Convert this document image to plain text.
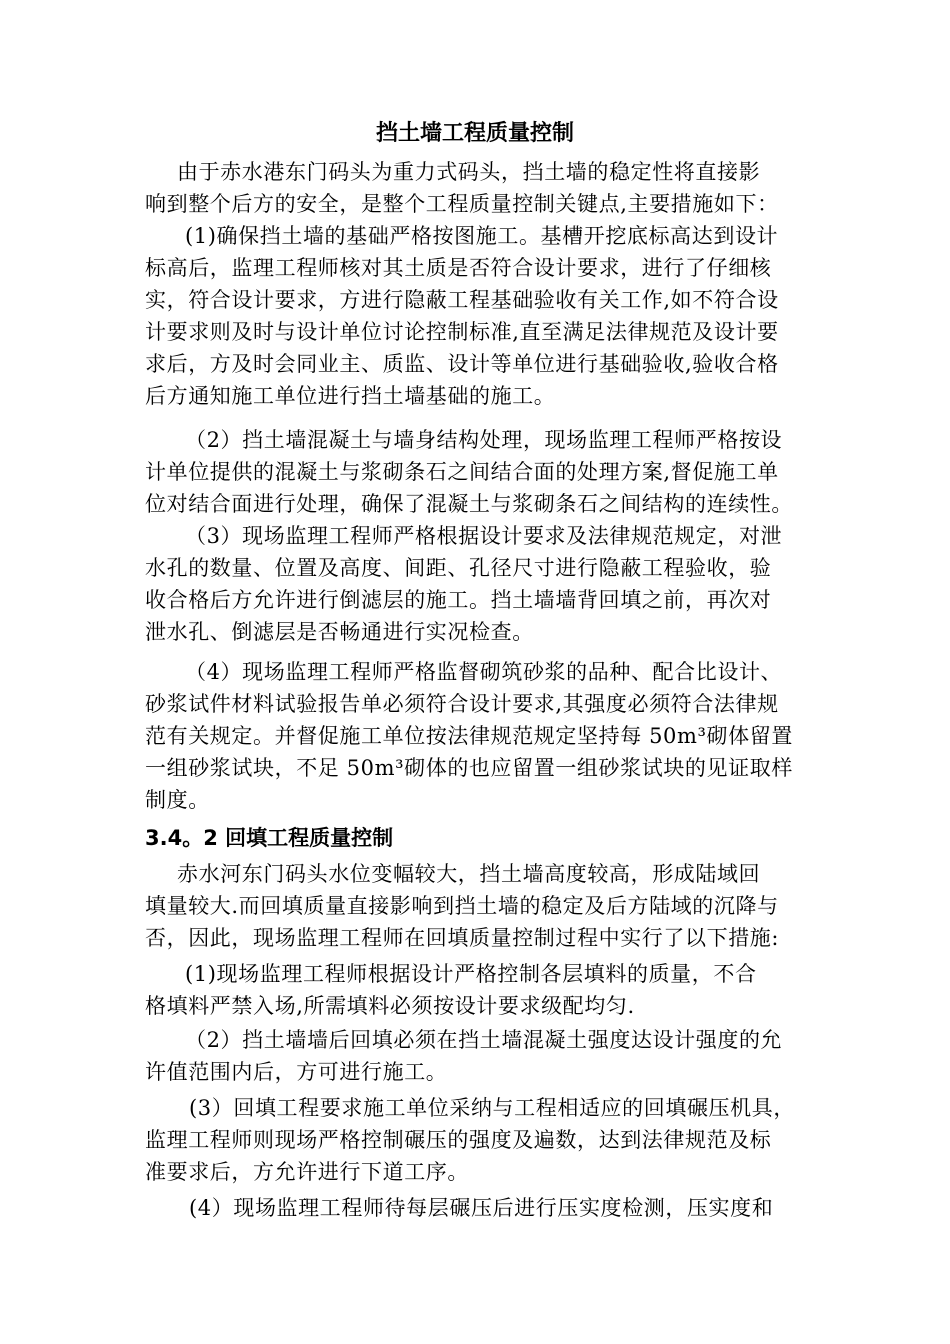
挡土墙工程质量控制
3.4。2 回填工程质量控制
由于赤水港东门码头为重力式码头，挡土墙的稳定性将直接影
响到整个后方的安全，是整个工程质量控制关键点,主要措施如下：
(1)确保挡土墙的基础严格按图施工。基槽开挖底标高达到设计
标高后，监理工程师核对其土质是否符合设计要求，进行了仔细核
实，符合设计要求，方进行隐蔽工程基础验收有关工作,如不符合设
计要求则及时与设计单位讨论控制标准,直至满足法律规范及设计要
求后，方及时会同业主、质监、设计等单位进行基础验收,验收合格
后方通知施工单位进行挡土墙基础的施工。
（2）挡土墙混凝土与墙身结构处理，现场监理工程师严格按设
计单位提供的混凝土与浆砌条石之间结合面的处理方案,督促施工单
位对结合面进行处理，确保了混凝土与浆砌条石之间结构的连续性。
（3）现场监理工程师严格根据设计要求及法律规范规定，对泄
水孔的数量、位置及高度、间距、孔径尺寸进行隐蔽工程验收，验
收合格后方允许进行倒滤层的施工。挡土墙墙背回填之前，再次对
泄水孔、倒滤层是否畅通进行实况检查。
（4）现场监理工程师严格监督砌筑砂浆的品种、配合比设计、
砂浆试件材料试验报告单必须符合设计要求,其强度必须符合法律规
范有关规定。并督促施工单位按法律规范规定坚持每 50m³砌体留置
一组砂浆试块，不足 50m³砌体的也应留置一组砂浆试块的见证取样
制度。
赤水河东门码头水位变幅较大，挡土墙高度较高，形成陆域回
填量较大.而回填质量直接影响到挡土墙的稳定及后方陆域的沉降与
否，因此，现场监理工程师在回填质量控制过程中实行了以下措施:
(1)现场监理工程师根据设计严格控制各层填料的质量，不合
格填料严禁入场,所需填料必须按设计要求级配均匀.
（2）挡土墙墙后回填必须在挡土墙混凝土强度达设计强度的允
许值范围内后，方可进行施工。
(3）回填工程要求施工单位采纳与工程相适应的回填碾压机具，
监理工程师则现场严格控制碾压的强度及遍数，达到法律规范及标
准要求后，方允许进行下道工序。
(4）现场监理工程师待每层碾压后进行压实度检测，压实度和
